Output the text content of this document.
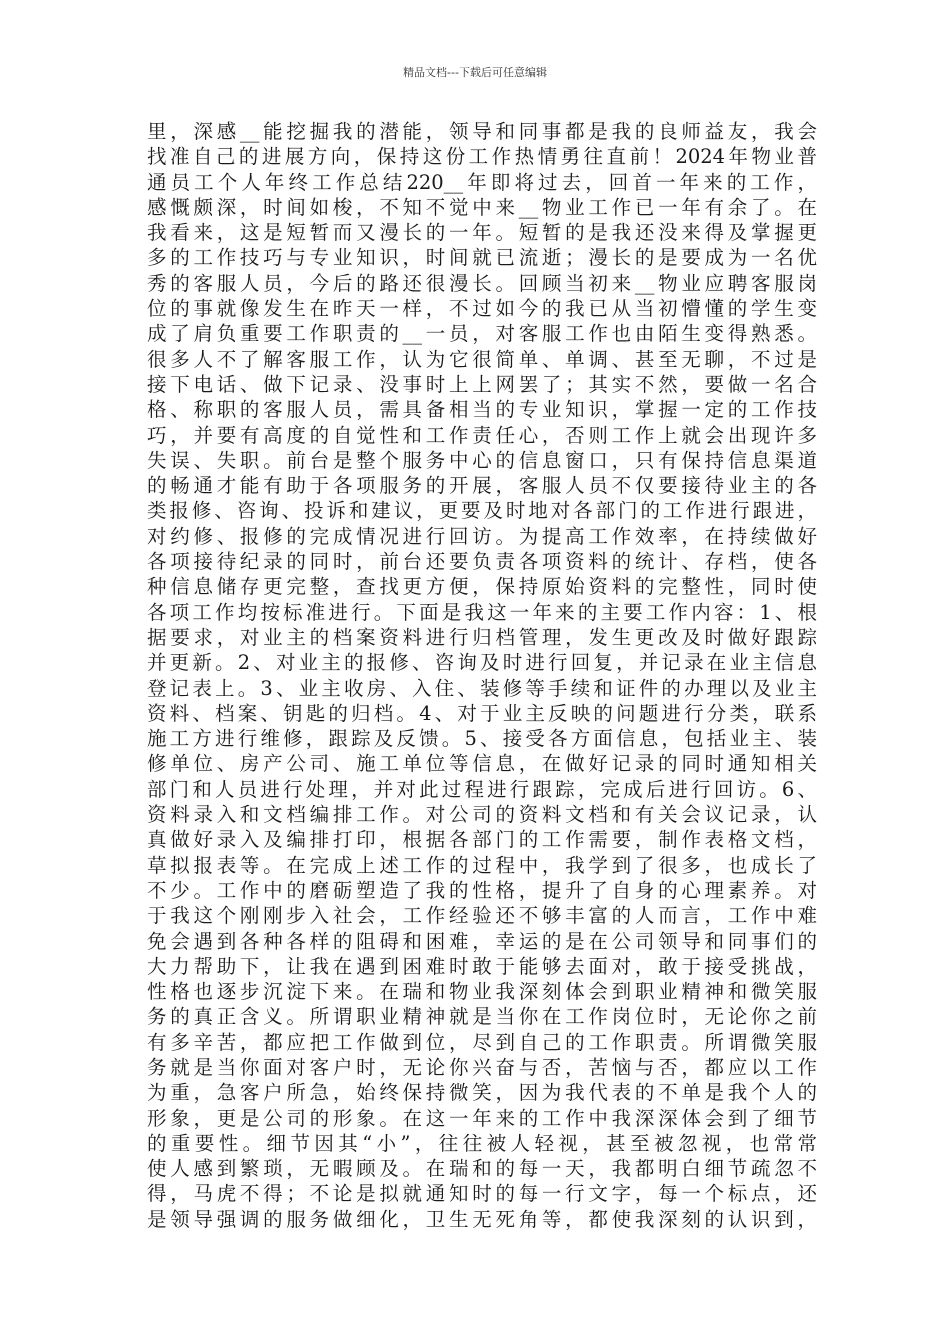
精品文档---下载后可任意编辑
里，深感__能挖掘我的潜能，领导和同事都是我的良师益友，我会
找准自己的进展方向，保持这份工作热情勇往直前！2024年物业普
通员工个人年终工作总结220__年即将过去，回首一年来的工作，
感慨颇深，时间如梭，不知不觉中来__物业工作已一年有余了。在
我看来，这是短暂而又漫长的一年。短暂的是我还没来得及掌握更
多的工作技巧与专业知识，时间就已流逝；漫长的是要成为一名优
秀的客服人员，今后的路还很漫长。回顾当初来__物业应聘客服岗
位的事就像发生在昨天一样，不过如今的我已从当初懵懂的学生变
成了肩负重要工作职责的__一员，对客服工作也由陌生变得熟悉。
很多人不了解客服工作，认为它很简单、单调、甚至无聊，不过是
接下电话、做下记录、没事时上上网罢了；其实不然，要做一名合
格、称职的客服人员，需具备相当的专业知识，掌握一定的工作技
巧，并要有高度的自觉性和工作责任心，否则工作上就会出现许多
失误、失职。前台是整个服务中心的信息窗口，只有保持信息渠道
的畅通才能有助于各项服务的开展，客服人员不仅要接待业主的各
类报修、咨询、投诉和建议，更要及时地对各部门的工作进行跟进，
对约修、报修的完成情况进行回访。为提高工作效率，在持续做好
各项接待纪录的同时，前台还要负责各项资料的统计、存档，使各
种信息储存更完整，查找更方便，保持原始资料的完整性，同时使
各项工作均按标准进行。下面是我这一年来的主要工作内容：1、根
据要求，对业主的档案资料进行归档管理，发生更改及时做好跟踪
并更新。2、对业主的报修、咨询及时进行回复，并记录在业主信息
登记表上。3、业主收房、入住、装修等手续和证件的办理以及业主
资料、档案、钥匙的归档。4、对于业主反映的问题进行分类，联系
施工方进行维修，跟踪及反馈。5、接受各方面信息，包括业主、装
修单位、房产公司、施工单位等信息，在做好记录的同时通知相关
部门和人员进行处理，并对此过程进行跟踪，完成后进行回访。6、
资料录入和文档编排工作。对公司的资料文档和有关会议记录，认
真做好录入及编排打印，根据各部门的工作需要，制作表格文档，
草拟报表等。在完成上述工作的过程中，我学到了很多，也成长了
不少。工作中的磨砺塑造了我的性格，提升了自身的心理素养。对
于我这个刚刚步入社会，工作经验还不够丰富的人而言，工作中难
免会遇到各种各样的阻碍和困难，幸运的是在公司领导和同事们的
大力帮助下，让我在遇到困难时敢于能够去面对，敢于接受挑战，
性格也逐步沉淀下来。在瑞和物业我深刻体会到职业精神和微笑服
务的真正含义。所谓职业精神就是当你在工作岗位时，无论你之前
有多辛苦，都应把工作做到位，尽到自己的工作职责。所谓微笑服
务就是当你面对客户时，无论你兴奋与否，苦恼与否，都应以工作
为重，急客户所急，始终保持微笑，因为我代表的不单是我个人的
形象，更是公司的形象。在这一年来的工作中我深深体会到了细节
的重要性。细节因其“小”，往往被人轻视，甚至被忽视，也常常
使人感到繁琐，无暇顾及。在瑞和的每一天，我都明白细节疏忽不
得，马虎不得；不论是拟就通知时的每一行文字，每一个标点，还
是领导强调的服务做细化，卫生无死角等，都使我深刻的认识到，
